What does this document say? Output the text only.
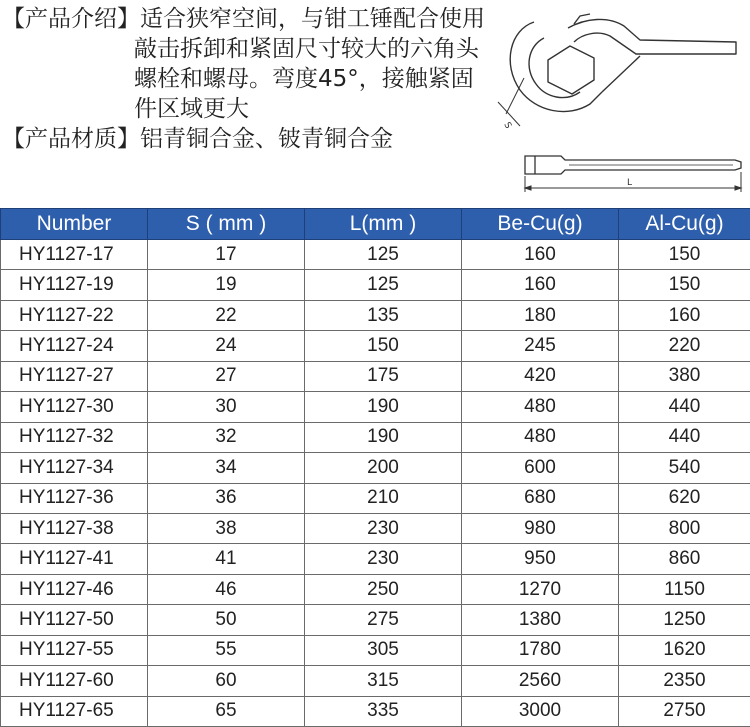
【产品介绍】适合狭窄空间，与钳工锤配合使用
敲击拆卸和紧固尺寸较大的六角头
螺栓和螺母。弯度45°，接触紧固
件区域更大
【产品材质】铝青铜合金、铍青铜合金
S
L
Number	S ( mm )	L(mm )	Be-Cu(g)	Al-Cu(g)
HY1127-17	17	125	160	150
HY1127-19	19	125	160	150
HY1127-22	22	135	180	160
HY1127-24	24	150	245	220
HY1127-27	27	175	420	380
HY1127-30	30	190	480	440
HY1127-32	32	190	480	440
HY1127-34	34	200	600	540
HY1127-36	36	210	680	620
HY1127-38	38	230	980	800
HY1127-41	41	230	950	860
HY1127-46	46	250	1270	1150
HY1127-50	50	275	1380	1250
HY1127-55	55	305	1780	1620
HY1127-60	60	315	2560	2350
HY1127-65	65	335	3000	2750
